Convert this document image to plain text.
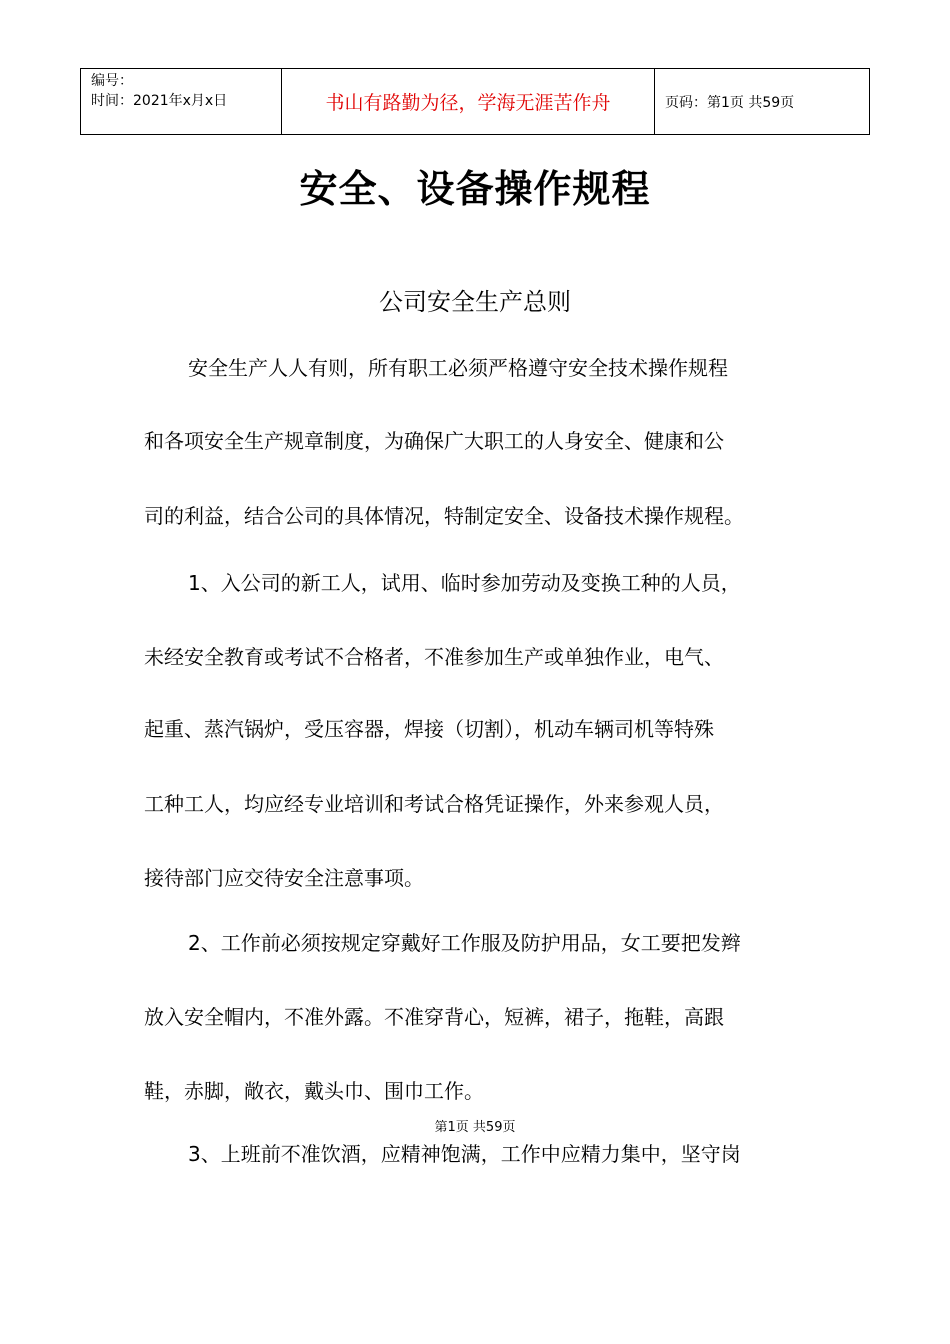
编号：
时间：2021年x月x日	书山有路勤为径，学海无涯苦作舟	页码：第1页 共59页
安全、设备操作规程
公司安全生产总则
安全生产人人有则，所有职工必须严格遵守安全技术操作规程
和各项安全生产规章制度，为确保广大职工的人身安全、健康和公
司的利益，结合公司的具体情况，特制定安全、设备技术操作规程。
1、入公司的新工人，试用、临时参加劳动及变换工种的人员，
未经安全教育或考试不合格者，不准参加生产或单独作业，电气、
起重、蒸汽锅炉，受压容器，焊接（切割），机动车辆司机等特殊
工种工人，均应经专业培训和考试合格凭证操作，外来参观人员，
接待部门应交待安全注意事项。
2、工作前必须按规定穿戴好工作服及防护用品，女工要把发辫
放入安全帽内，不准外露。不准穿背心，短裤，裙子，拖鞋，高跟
鞋，赤脚，敞衣，戴头巾、围巾工作。
3、上班前不准饮酒，应精神饱满，工作中应精力集中，坚守岗
第1页 共59页
